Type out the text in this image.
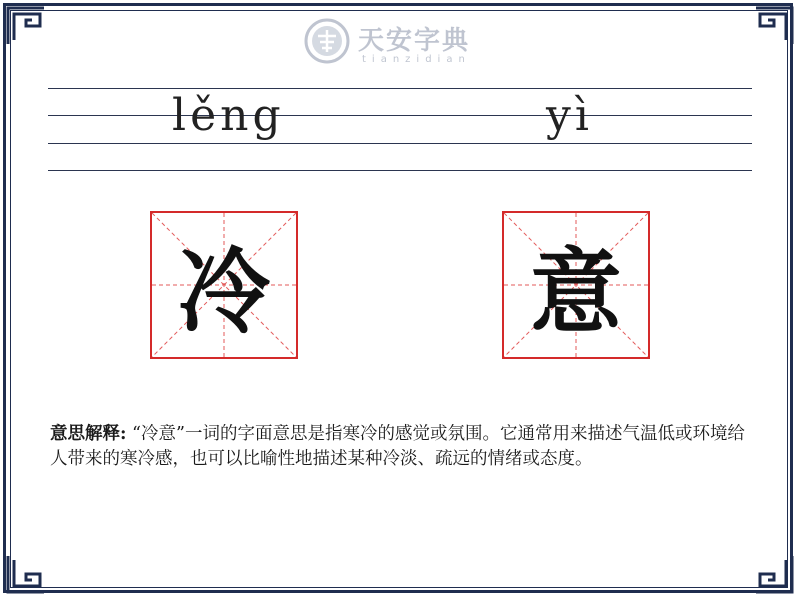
天安字典
tianzidian
lěng	yì
冷	意
意思解释: “冷意”一词的字面意思是指寒冷的感觉或氛围。它通常用来描述气温低或环境给人带来的寒冷感，也可以比喻性地描述某种冷淡、疏远的情绪或态度。
